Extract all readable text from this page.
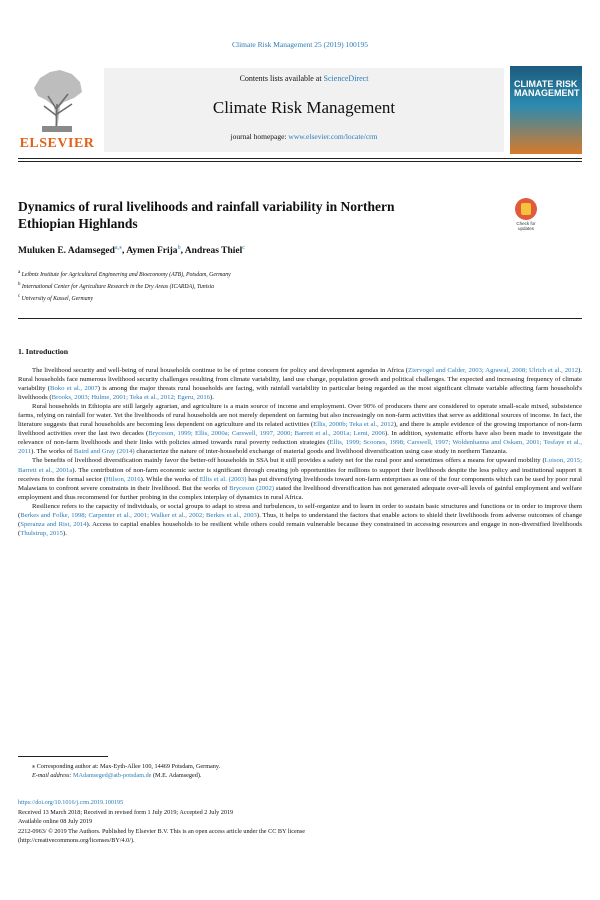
Climate Risk Management 25 (2019) 100195
ELSEVIER
Contents lists available at ScienceDirect
Climate Risk Management
journal homepage: www.elsevier.com/locate/crm
CLIMATE RISK MANAGEMENT
Dynamics of rural livelihoods and rainfall variability in Northern
Ethiopian Highlands	Check for updates
Muluken E. Adamseged$^{a,⁎}$, Aymen Frija$^b$, Andreas Thiel$^c$
$^a$ Leibniz Institute for Agricultural Engineering and Bioeconomy (ATB), Potsdam, Germany
$^b$ International Center for Agriculture Research in the Dry Areas (ICARDA), Tunisia
$^c$ University of Kassel, Germany
1. Introduction

The livelihood security and well-being of rural households continue to be of prime concern for policy and development agendas in Africa (Ziervogel and Calder, 2003; Agrawal, 2008; Ulrich et al., 2012). Rural households face numerous livelihood security challenges resulting from climate variability, land use change, population growth and political challenges. The expected and increasing frequency of climate variability (Boko et al., 2007) is among the major threats rural households are facing, with rainfall variability in particular being regarded as the most significant climate variable affecting farm household's livelihoods (Brooks, 2003; Hulme, 2001; Teka et al., 2012; Egeru, 2016).

Rural households in Ethiopia are still largely agrarian, and agriculture is a main source of income and employment. Over 90% of producers there are considered to operate small-scale mixed, subsistence farms, relying on rainfall for water. Yet the livelihoods of rural households are not merely dependent on farming but also increasingly on non-farm activities that serve as additional sources of income. In fact, the literature suggests that rural households are becoming less dependent on agriculture and its related activities (Ellis, 2000b; Teka et al., 2012), and there is ample evidence of the growing importance of non-farm livelihood activities over the last two decades (Bryceson, 1999; Ellis, 2000a; Carswell, 1997, 2000; Barrett et al., 2001a; Lemi, 2006). In addition, systematic efforts have also been made to investigate the relevance of non-farm livelihoods and their links with policies aimed towards rural poverty reduction strategies (Ellis, 1999; Scoones, 1998; Carswell, 1997; Woldenhanna and Oskam, 2001; Tesfaye et al., 2011). The works of Baird and Gray (2014) characterize the nature of inter-household exchange of material goods and livelihood diversification using case study in northern Tanzania.

The benefits of livelihood diversification mainly favor the better-off households in SSA but it still provides a safety net for the rural poor and sometimes offers a means for upward mobility (Loison, 2015; Barrett et al., 2001a). The contribution of non-farm economic sector is significant through creating job opportunities for millions to support their livelihoods despite the less policy and institutional support it receives from the formal sector (Hilson, 2016). While the works of Ellis et al. (2003) has put diversifying livelihoods toward non-farm enterprises as one of the four components which can be used by poor rural Malawians to confront severe constraints in their livelihood. But the works of Bryceson (2002) stated the livelihood diversification has not generated adequate over-all levels of gainful employment and welfare employment and thus recommend for further probing in the complex interplay of dynamics in rural Africa.

Resilience refers to the capacity of individuals, or social groups to adapt to stress and turbulences, to self-organize and to learn in order to sustain basic structures and functions or in order to improve them (Berkes and Folke, 1998; Carpenter et al., 2001; Walker et al., 2002; Berkes et al., 2003). Thus, it helps to understand the factors that enable actors to shield their livelihoods from adverse outcomes of change (Speranza and Rist, 2014). Access to capital enables households to be resilient while others could remain vulnerable because they constrained in accessing resources and engage in non-diversified livelihoods (Thulstrup, 2015).

⁎ Corresponding author at: Max-Eyth-Allee 100, 14469 Potsdam, Germany.
E-mail address: MAdamseged@atb-potsdam.de (M.E. Adamseged).
https://doi.org/10.1016/j.crm.2019.100195
Received 13 March 2018; Received in revised form 1 July 2019; Accepted 2 July 2019
Available online 08 July 2019
2212-0963/ © 2019 The Authors. Published by Elsevier B.V. This is an open access article under the CC BY license
(http://creativecommons.org/licenses/BY/4.0/).
